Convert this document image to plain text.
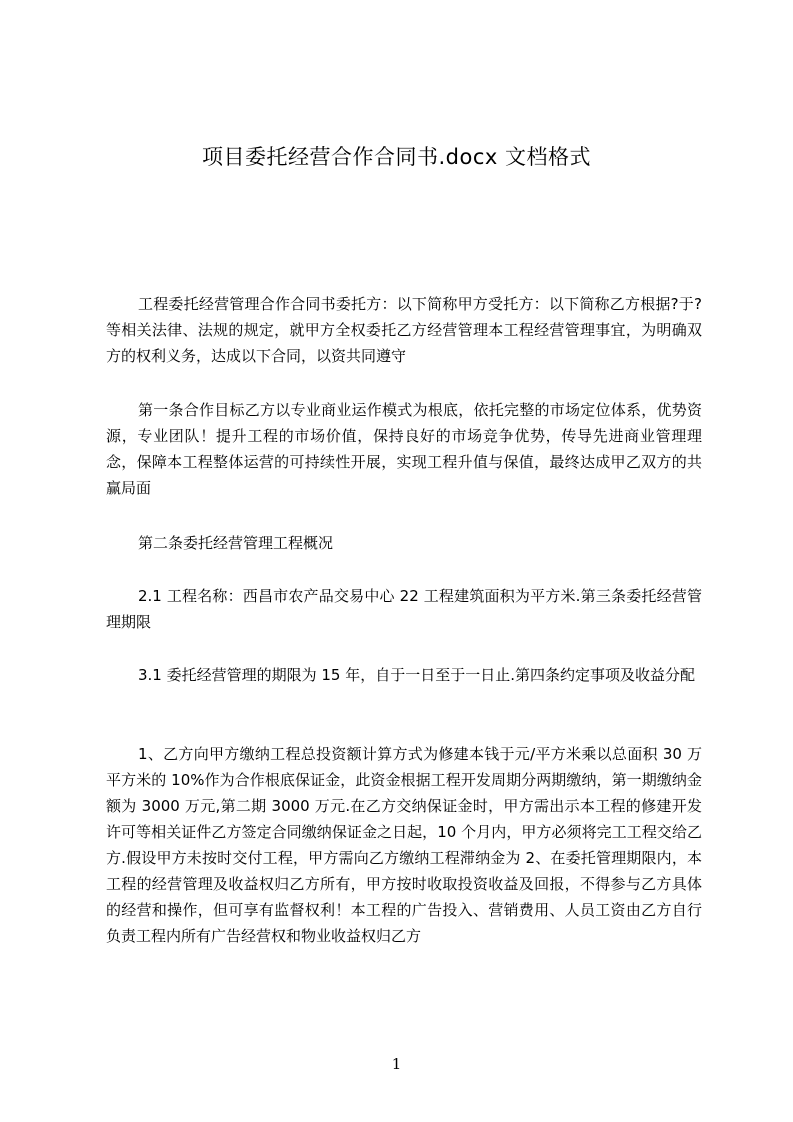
项目委托经营合作合同书.docx 文档格式
工程委托经营管理合作合同书委托方：以下简称甲方受托方：以下简称乙方根据?于?等相关法律、法规的规定，就甲方全权委托乙方经营管理本工程经营管理事宜，为明确双方的权利义务，达成以下合同，以资共同遵守
第一条合作目标乙方以专业商业运作模式为根底，依托完整的市场定位体系，优势资源，专业团队！提升工程的市场价值，保持良好的市场竞争优势，传导先进商业管理理念，保障本工程整体运营的可持续性开展，实现工程升值与保值，最终达成甲乙双方的共赢局面
第二条委托经营管理工程概况
2.1 工程名称：西昌市农产品交易中心 22 工程建筑面积为平方米.第三条委托经营管理期限
3.1 委托经营管理的期限为 15 年，自于一日至于一日止.第四条约定事项及收益分配
1、乙方向甲方缴纳工程总投资额计算方式为修建本钱于元/平方米乘以总面积 30 万平方米的 10%作为合作根底保证金，此资金根据工程开发周期分两期缴纳，第一期缴纳金额为 3000 万元,第二期 3000 万元.在乙方交纳保证金时，甲方需出示本工程的修建开发许可等相关证件乙方签定合同缴纳保证金之日起，10 个月内，甲方必须将完工工程交给乙方.假设甲方未按时交付工程，甲方需向乙方缴纳工程滞纳金为 2、在委托管理期限内，本工程的经营管理及收益权归乙方所有，甲方按时收取投资收益及回报，不得参与乙方具体的经营和操作，但可享有监督权利！本工程的广告投入、营销费用、人员工资由乙方自行负责工程内所有广告经营权和物业收益权归乙方
1
